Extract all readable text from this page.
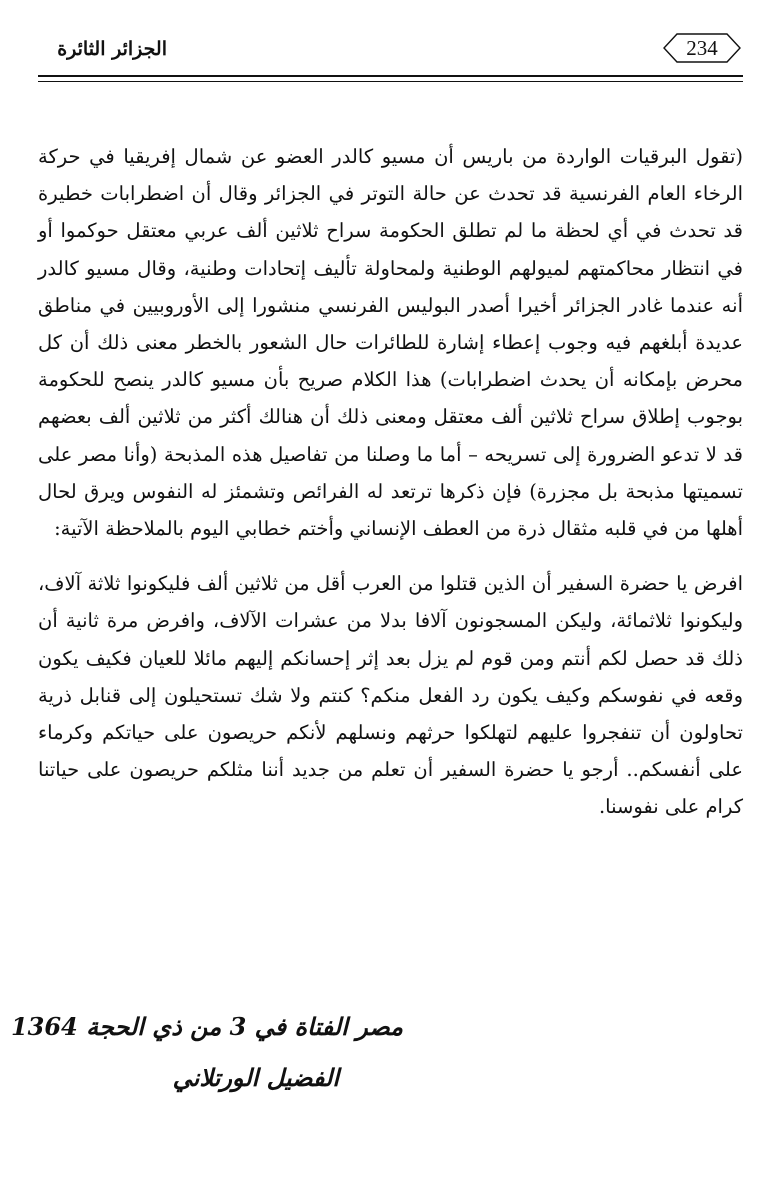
الجزائر الثائرة	234

(تقول البرقيات الواردة من باريس أن مسيو كالدر العضو عن شمال إفريقيا في حركة الرخاء العام الفرنسية قد تحدث عن حالة التوتر في الجزائر وقال أن اضطرابات خطيرة قد تحدث في أي لحظة ما لم تطلق الحكومة سراح ثلاثين ألف عربي معتقل حوكموا أو في انتظار محاكمتهم لميولهم الوطنية ولمحاولة تأليف إتحادات وطنية، وقال مسيو كالدر أنه عندما غادر الجزائر أخيرا أصدر البوليس الفرنسي منشورا إلى الأوروبيين في مناطق عديدة أبلغهم فيه وجوب إعطاء إشارة للطائرات حال الشعور بالخطر معنى ذلك أن كل محرض بإمكانه أن يحدث اضطرابات) هذا الكلام صريح بأن مسيو كالدر ينصح للحكومة بوجوب إطلاق سراح ثلاثين ألف معتقل ومعنى ذلك أن هنالك أكثر من ثلاثين ألف بعضهم قد لا تدعو الضرورة إلى تسريحه – أما ما وصلنا من تفاصيل هذه المذبحة (وأنا مصر على تسميتها مذبحة بل مجزرة) فإن ذكرها ترتعد له الفرائص وتشمئز له النفوس ويرق لحال أهلها من في قلبه مثقال ذرة من العطف الإنساني وأختم خطابي اليوم بالملاحظة الآتية:

افرض يا حضرة السفير أن الذين قتلوا من العرب أقل من ثلاثين ألف فليكونوا ثلاثة آلاف، وليكونوا ثلاثمائة، وليكن المسجونون آلافا بدلا من عشرات الآلاف، وافرض مرة ثانية أن ذلك قد حصل لكم أنتم ومن قوم لم يزل بعد إثر إحسانكم إليهم مائلا للعيان فكيف يكون وقعه في نفوسكم وكيف يكون رد الفعل منكم؟ كنتم ولا شك تستحيلون إلى قنابل ذرية تحاولون أن تنفجروا عليهم لتهلكوا حرثهم ونسلهم لأنكم حريصون على حياتكم وكرماء على أنفسكم.. أرجو يا حضرة السفير أن تعلم من جديد أننا مثلكم حريصون على حياتنا كرام على نفوسنا.

مصر الفتاة في 3 من ذي الحجة 1364
الفضيل الورتلاني
